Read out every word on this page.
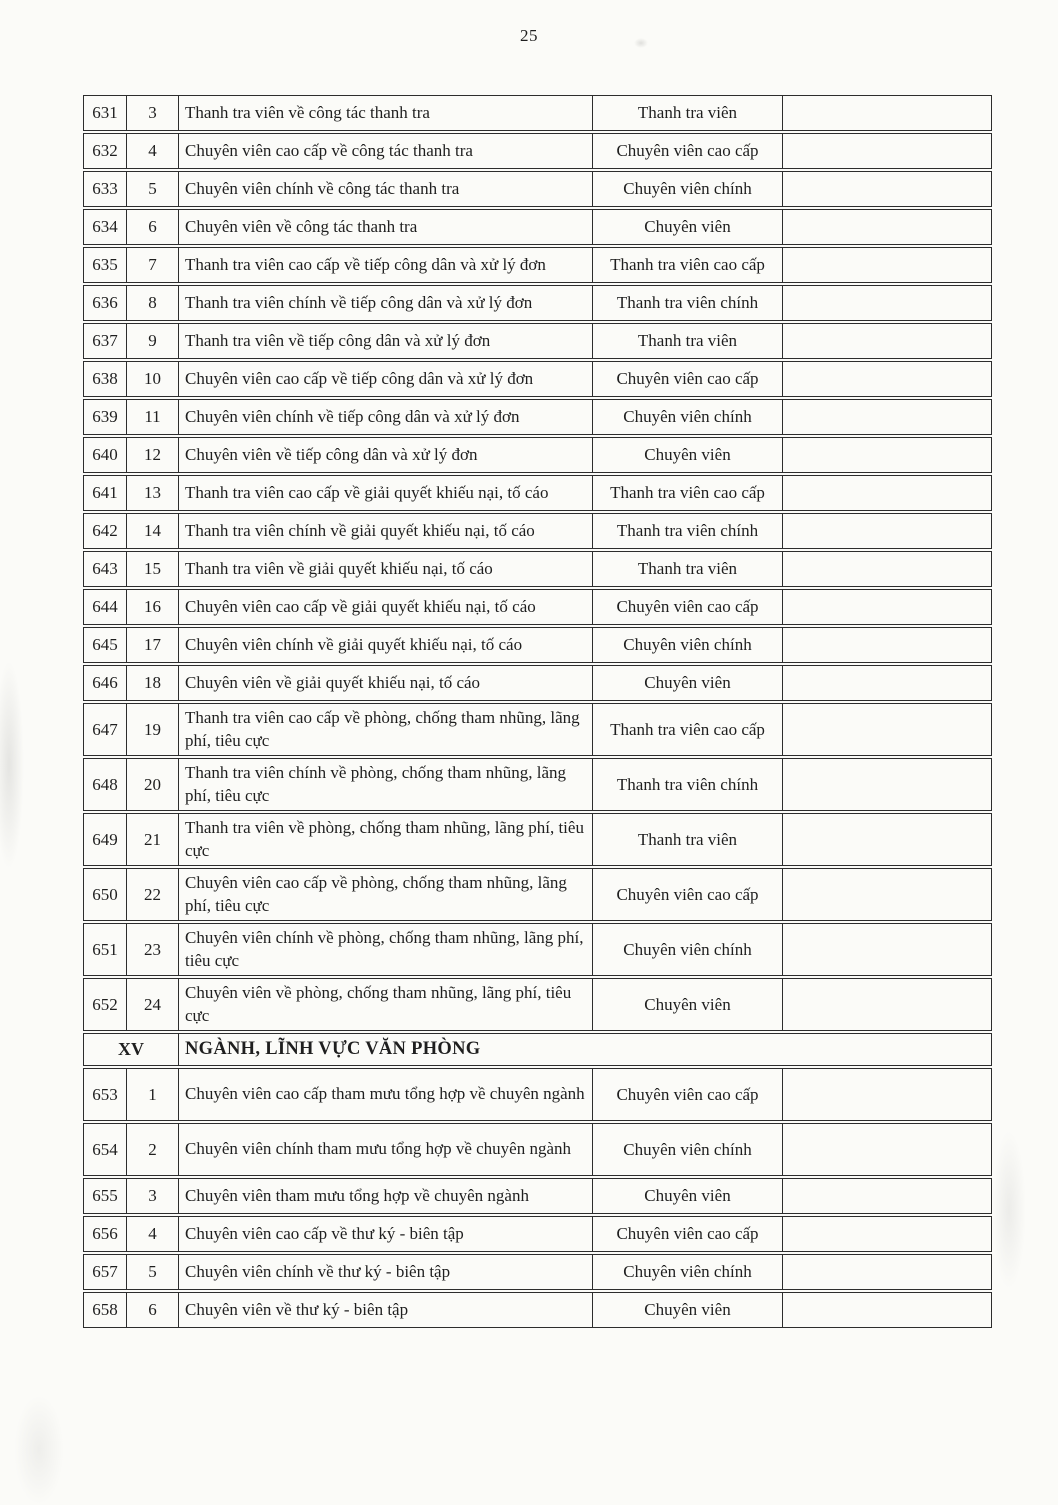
25
631	3	Thanh tra viên về công tác thanh tra	Thanh tra viên	
632	4	Chuyên viên cao cấp về công tác thanh tra	Chuyên viên cao cấp	
633	5	Chuyên viên chính về công tác thanh tra	Chuyên viên chính	
634	6	Chuyên viên về công tác thanh tra	Chuyên viên	
635	7	Thanh tra viên cao cấp về tiếp công dân và xử lý đơn	Thanh tra viên cao cấp	
636	8	Thanh tra viên chính về tiếp công dân và xử lý đơn	Thanh tra viên chính	
637	9	Thanh tra viên về tiếp công dân và xử lý đơn	Thanh tra viên	
638	10	Chuyên viên cao cấp về tiếp công dân và xử lý đơn	Chuyên viên cao cấp	
639	11	Chuyên viên chính về tiếp công dân và xử lý đơn	Chuyên viên chính	
640	12	Chuyên viên về tiếp công dân và xử lý đơn	Chuyên viên	
641	13	Thanh tra viên cao cấp về giải quyết khiếu nại, tố cáo	Thanh tra viên cao cấp	
642	14	Thanh tra viên chính về giải quyết khiếu nại, tố cáo	Thanh tra viên chính	
643	15	Thanh tra viên về giải quyết khiếu nại, tố cáo	Thanh tra viên	
644	16	Chuyên viên cao cấp về giải quyết khiếu nại, tố cáo	Chuyên viên cao cấp	
645	17	Chuyên viên chính về giải quyết khiếu nại, tố cáo	Chuyên viên chính	
646	18	Chuyên viên về giải quyết khiếu nại, tố cáo	Chuyên viên	
647	19	Thanh tra viên cao cấp về phòng, chống tham nhũng, lãng phí, tiêu cực	Thanh tra viên cao cấp	
648	20	Thanh tra viên chính về phòng, chống tham nhũng, lãng phí, tiêu cực	Thanh tra viên chính	
649	21	Thanh tra viên về phòng, chống tham nhũng, lãng phí, tiêu cực	Thanh tra viên	
650	22	Chuyên viên cao cấp về phòng, chống tham nhũng, lãng phí, tiêu cực	Chuyên viên cao cấp	
651	23	Chuyên viên chính về phòng, chống tham nhũng, lãng phí, tiêu cực	Chuyên viên chính	
652	24	Chuyên viên về phòng, chống tham nhũng, lãng phí, tiêu cực	Chuyên viên	
XV		NGÀNH, LĨNH VỰC VĂN PHÒNG		
653	1	Chuyên viên cao cấp tham mưu tổng hợp về chuyên ngành	Chuyên viên cao cấp	
654	2	Chuyên viên chính tham mưu tổng hợp về chuyên ngành	Chuyên viên chính	
655	3	Chuyên viên tham mưu tổng hợp về chuyên ngành	Chuyên viên	
656	4	Chuyên viên cao cấp về thư ký - biên tập	Chuyên viên cao cấp	
657	5	Chuyên viên chính về thư ký - biên tập	Chuyên viên chính	
658	6	Chuyên viên về thư ký - biên tập	Chuyên viên	
